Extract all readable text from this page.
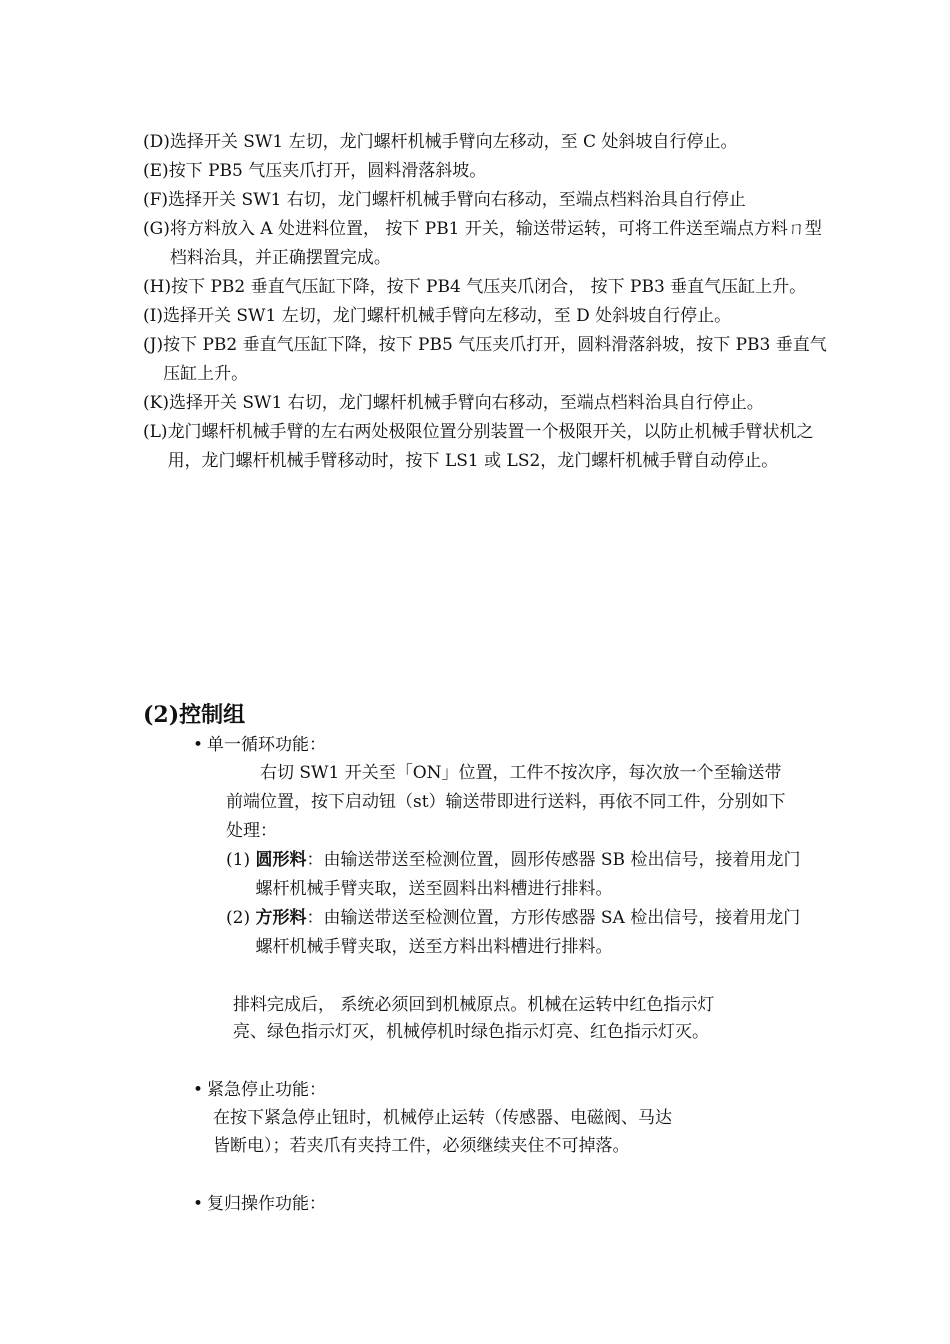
(D) 选择开关 SW1 左切，龙门螺杆机械手臂向左移动，至 C 处斜坡自行停止。
(E) 按下 PB5 气压夹爪打开，圆料滑落斜坡。
(F) 选择开关 SW1 右切，龙门螺杆机械手臂向右移动，至端点档料治具自行停止
(G) 将方料放入 A 处进料位置， 按下 PB1 开关，输送带运转，可将工件送至端点方料ㄇ型档料治具，并正确摆置完成。
(H) 按下 PB2 垂直气压缸下降，按下 PB4 气压夹爪闭合， 按下 PB3 垂直气压缸上升。
(I) 选择开关 SW1 左切，龙门螺杆机械手臂向左移动，至 D 处斜坡自行停止。
(J) 按下 PB2 垂直气压缸下降，按下 PB5 气压夹爪打开，圆料滑落斜坡，按下 PB3 垂直气压缸上升。
(K) 选择开关 SW1 右切，龙门螺杆机械手臂向右移动，至端点档料治具自行停止。
(L) 龙门螺杆机械手臂的左右两处极限位置分别装置一个极限开关，以防止机械手臂状机之用，龙门螺杆机械手臂移动时，按下 LS1 或 LS2，龙门螺杆机械手臂自动停止。
(2)控制组
• 单一循环功能：
右切 SW1 开关至「ON」位置，工件不按次序，每次放一个至输送带前端位置，按下启动钮（st）输送带即进行送料，再依不同工件，分别如下处理：
(1)
圆形料：由输送带送至检测位置，圆形传感器 SB 检出信号，接着用龙门螺杆机械手臂夹取，送至圆料出料槽进行排料。
(2)
方形料：由输送带送至检测位置，方形传感器 SA 检出信号，接着用龙门螺杆机械手臂夹取，送至方料出料槽进行排料。
排料完成后， 系统必须回到机械原点。机械在运转中红色指示灯
亮、绿色指示灯灭，机械停机时绿色指示灯亮、红色指示灯灭。
• 紧急停止功能：
在按下紧急停止钮时，机械停止运转（传感器、电磁阀、马达
皆断电）；若夹爪有夹持工件，必须继续夹住不可掉落。
• 复归操作功能：
